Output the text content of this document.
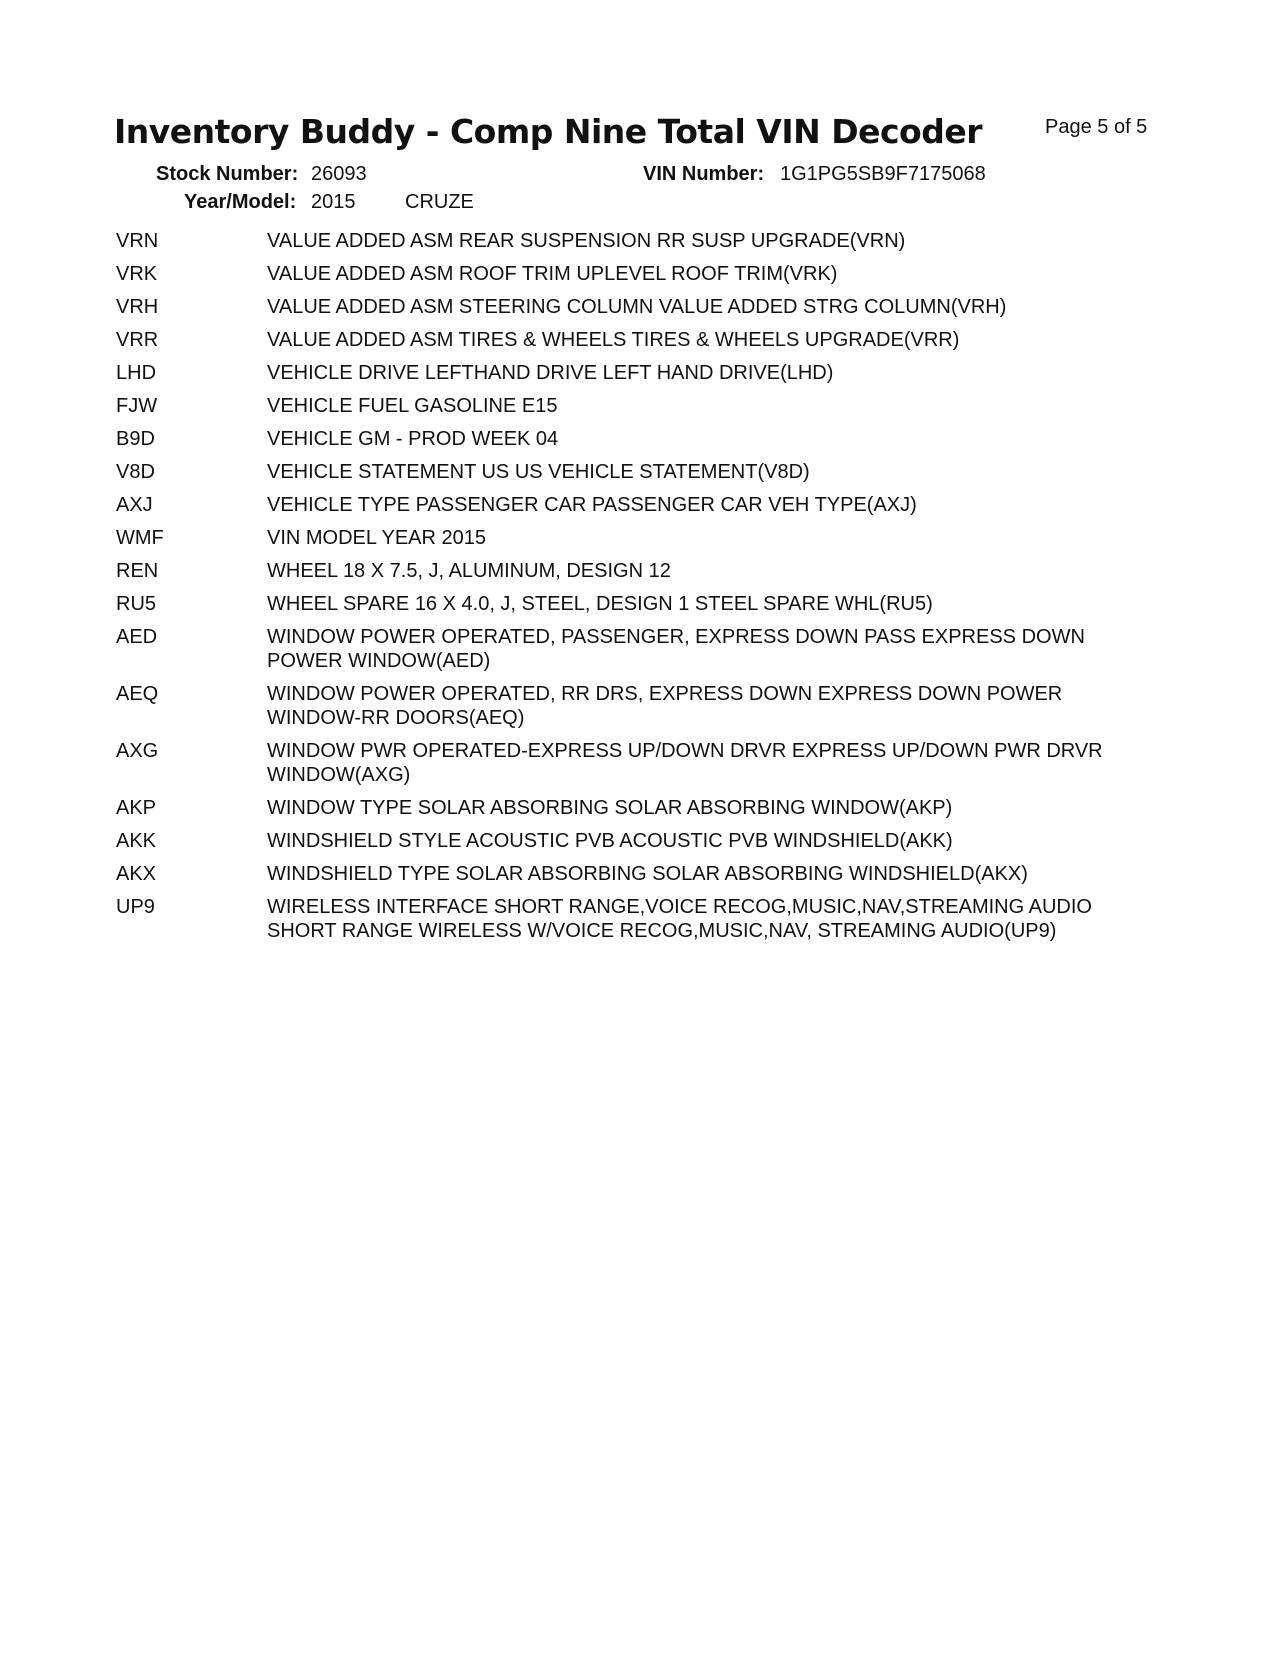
Inventory Buddy - Comp Nine Total VIN Decoder	Page 5 of 5
Stock Number: 26093	VIN Number: 1G1PG5SB9F7175068
Year/Model: 2015 CRUZE
VRN	VALUE ADDED ASM REAR SUSPENSION RR SUSP UPGRADE(VRN)
VRK	VALUE ADDED ASM ROOF TRIM UPLEVEL ROOF TRIM(VRK)
VRH	VALUE ADDED ASM STEERING COLUMN VALUE ADDED STRG COLUMN(VRH)
VRR	VALUE ADDED ASM TIRES & WHEELS TIRES & WHEELS UPGRADE(VRR)
LHD	VEHICLE DRIVE LEFTHAND DRIVE LEFT HAND DRIVE(LHD)
FJW	VEHICLE FUEL GASOLINE E15
B9D	VEHICLE GM - PROD WEEK 04
V8D	VEHICLE STATEMENT US US VEHICLE STATEMENT(V8D)
AXJ	VEHICLE TYPE PASSENGER CAR PASSENGER CAR VEH TYPE(AXJ)
WMF	VIN MODEL YEAR 2015
REN	WHEEL 18 X 7.5, J, ALUMINUM, DESIGN 12
RU5	WHEEL SPARE 16 X 4.0, J, STEEL, DESIGN 1 STEEL SPARE WHL(RU5)
AED	WINDOW POWER OPERATED, PASSENGER, EXPRESS DOWN PASS EXPRESS DOWN
POWER WINDOW(AED)
AEQ	WINDOW POWER OPERATED, RR DRS, EXPRESS DOWN EXPRESS DOWN POWER
WINDOW-RR DOORS(AEQ)
AXG	WINDOW PWR OPERATED-EXPRESS UP/DOWN DRVR EXPRESS UP/DOWN PWR DRVR
WINDOW(AXG)
AKP	WINDOW TYPE SOLAR ABSORBING SOLAR ABSORBING WINDOW(AKP)
AKK	WINDSHIELD STYLE ACOUSTIC PVB ACOUSTIC PVB WINDSHIELD(AKK)
AKX	WINDSHIELD TYPE SOLAR ABSORBING SOLAR ABSORBING WINDSHIELD(AKX)
UP9	WIRELESS INTERFACE SHORT RANGE,VOICE RECOG,MUSIC,NAV,STREAMING AUDIO
SHORT RANGE WIRELESS W/VOICE RECOG,MUSIC,NAV, STREAMING AUDIO(UP9)
